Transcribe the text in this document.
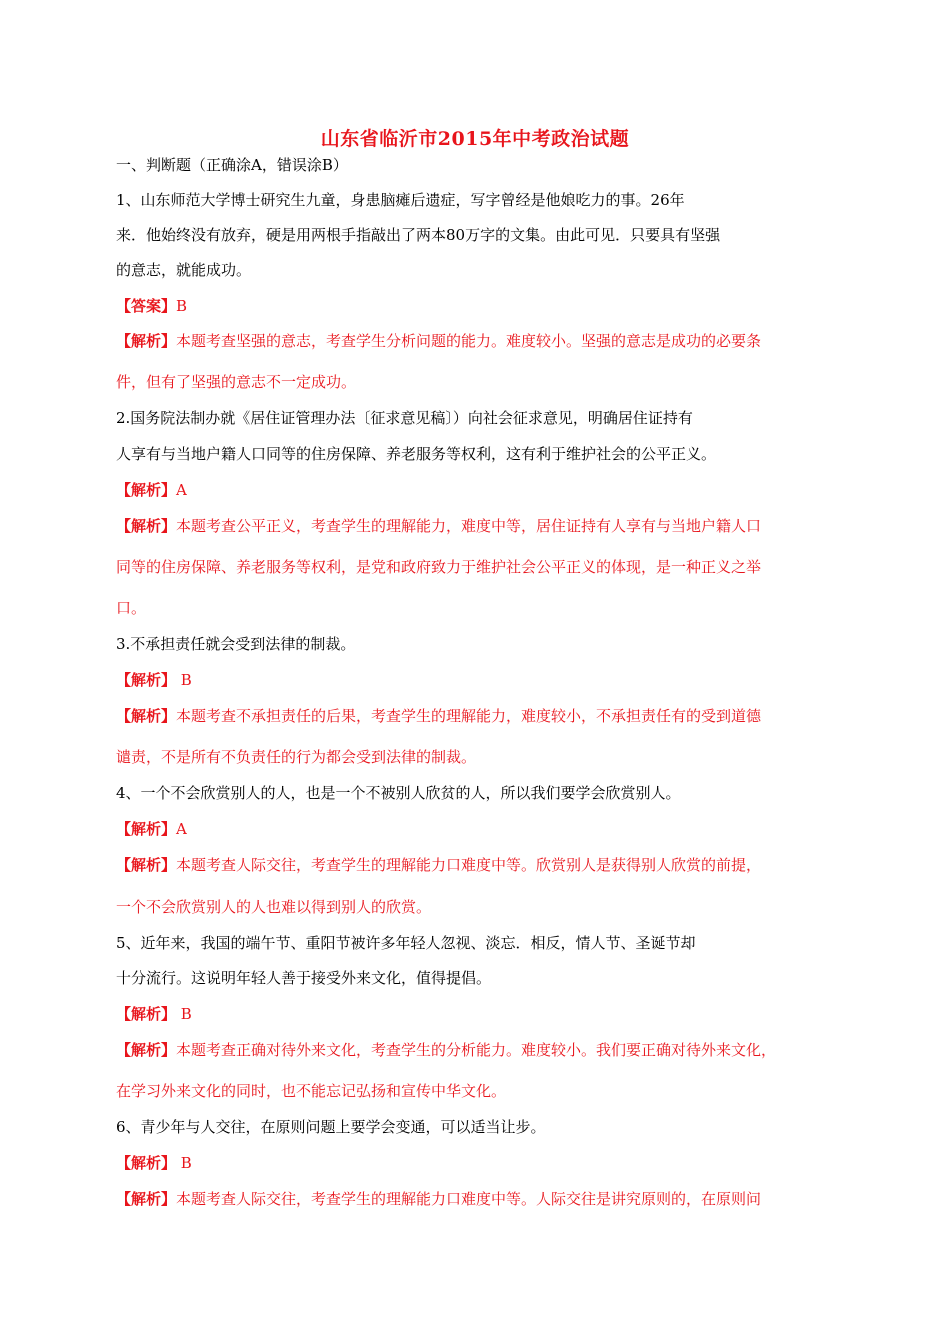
山东省临沂市2015年中考政治试题
一、判断题（正确涂A，错误涂B）
1、山东师范大学博士研究生九童，身患脑瘫后遗症，写字曾经是他娘吃力的事。26年
来．他始终没有放弃，硬是用两根手指敲出了两本80万字的文集。由此可见．只要具有坚强
的意志，就能成功。
【答案】B
【解析】本题考查坚强的意志，考查学生分析问题的能力。难度较小。坚强的意志是成功的必要条
件，但有了坚强的意志不一定成功。
2.国务院法制办就《居住证管理办法〔征求意见稿〕）向社会征求意见，明确居住证持有
人享有与当地户籍人口同等的住房保障、养老服务等权利，这有利于维护社会的公平正义。
【解析】A
【解析】本题考查公平正义，考查学生的理解能力，难度中等，居住证持有人享有与当地户籍人口
同等的住房保障、养老服务等权利，是党和政府致力于维护社会公平正义的体现，是一种正义之举
口。
3.不承担责任就会受到法律的制裁。
【解析】 B
【解析】本题考查不承担责任的后果，考查学生的理解能力，难度较小，不承担责任有的受到道德
谴责，不是所有不负责任的行为都会受到法律的制裁。
4、一个不会欣赏别人的人，也是一个不被别人欣贫的人，所以我们要学会欣赏别人。
【解析】A
【解析】本题考查人际交往，考查学生的理解能力口难度中等。欣赏别人是获得别人欣赏的前提，
一个不会欣赏别人的人也难以得到别人的欣赏。
5、近年来，我国的端午节、重阳节被许多年轻人忽视、淡忘．相反，情人节、圣诞节却
十分流行。这说明年轻人善于接受外来文化，值得提倡。
【解析】 B
【解析】本题考查正确对待外来文化，考查学生的分析能力。难度较小。我们要正确对待外来文化，
在学习外来文化的同时，也不能忘记弘扬和宣传中华文化。
6、青少年与人交往，在原则问题上要学会变通，可以适当让步。
【解析】 B
【解析】本题考查人际交往，考查学生的理解能力口难度中等。人际交往是讲究原则的，在原则问
